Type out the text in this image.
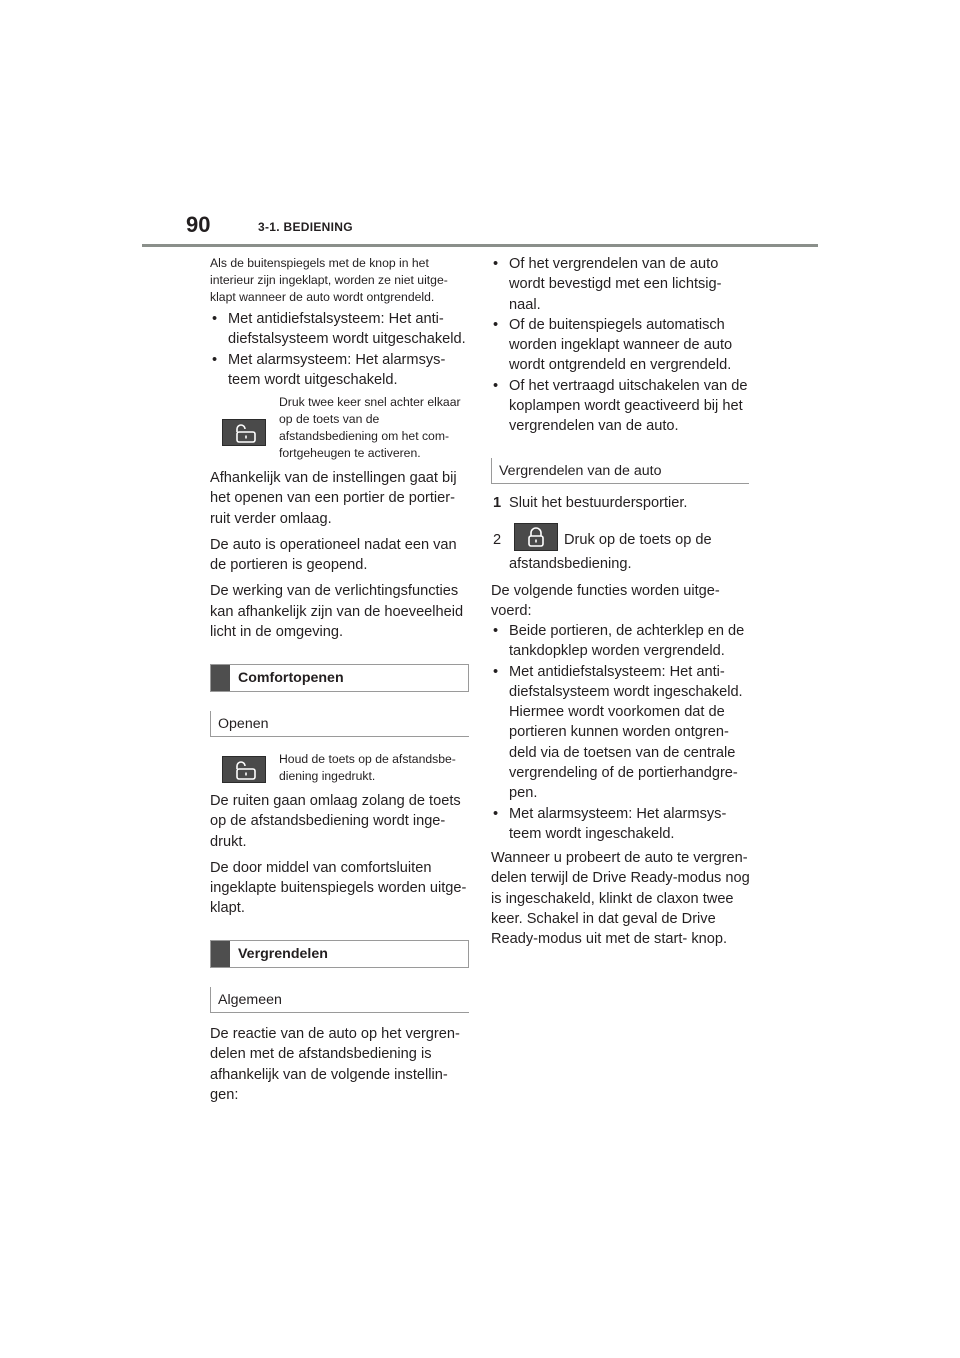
90	3-1. BEDIENING
Als de buitenspiegels met de knop in het interieur zijn ingeklapt, worden ze niet uitge- klapt wanneer de auto wordt ontgrendeld.
• Met antidiefstalsysteem: Het anti- diefstalsysteem wordt uitgeschakeld.
• Met alarmsysteem: Het alarmsys- teem wordt uitgeschakeld.
Druk twee keer snel achter elkaar op de toets van de afstandsbediening om het com- fortgeheugen te activeren.

Afhankelijk van de instellingen gaat bij het openen van een portier de portier- ruit verder omlaag.

De auto is operationeel nadat een van de portieren is geopend.

De werking van de verlichtingsfuncties kan afhankelijk zijn van de hoeveelheid licht in de omgeving.

Comfortopenen
Openen
Houd de toets op de afstandsbe- diening ingedrukt.

De ruiten gaan omlaag zolang de toets op de afstandsbediening wordt inge- drukt.

De door middel van comfortsluiten ingeklapte buitenspiegels worden uitge- klapt.

Vergrendelen
Algemeen
De reactie van de auto op het vergren- delen met de afstandsbediening is afhankelijk van de volgende instellin- gen:
• Of het vergrendelen van de auto wordt bevestigd met een lichtsig- naal.
• Of de buitenspiegels automatisch worden ingeklapt wanneer de auto wordt ontgrendeld en vergrendeld.
• Of het vertraagd uitschakelen van de koplampen wordt geactiveerd bij het vergrendelen van de auto.
Vergrendelen van de auto
1 Sluit het bestuurdersportier.
2	Druk op de toets op de
afstandsbediening.
De volgende functies worden uitge- voerd:
• Beide portieren, de achterklep en de tankdopklep worden vergrendeld.
• Met antidiefstalsysteem: Het anti- diefstalsysteem wordt ingeschakeld. Hiermee wordt voorkomen dat de portieren kunnen worden ontgren- deld via de toetsen van de centrale vergrendeling of de portierhandgre- pen.
• Met alarmsysteem: Het alarmsys- teem wordt ingeschakeld.
Wanneer u probeert de auto te vergren- delen terwijl de Drive Ready-modus nog is ingeschakeld, klinkt de claxon twee keer. Schakel in dat geval de Drive Ready-modus uit met de start- knop.
